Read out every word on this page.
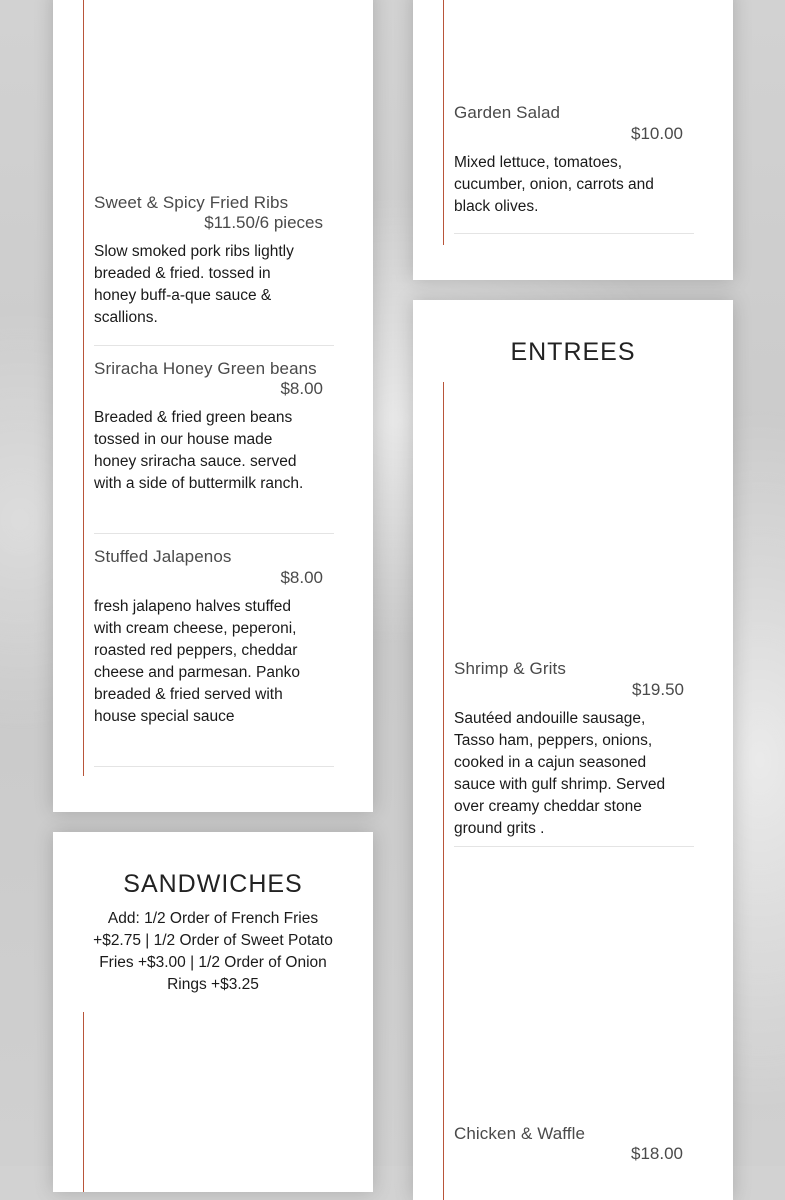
Sweet & Spicy Fried Ribs
$11.50/6 pieces
Slow smoked pork ribs lightly breaded & fried. tossed in honey buff-a-que sauce & scallions.
Sriracha Honey Green beans
$8.00
Breaded & fried green beans tossed in our house made honey sriracha sauce. served with a side of buttermilk ranch.
Stuffed Jalapenos
$8.00
fresh jalapeno halves stuffed with cream cheese, peperoni, roasted red peppers, cheddar cheese and parmesan. Panko breaded & fried served with house special sauce
SANDWICHES
Add: 1/2 Order of French Fries +$2.75 | 1/2 Order of Sweet Potato Fries +$3.00 | 1/2 Order of Onion Rings +$3.25
Garden Salad
$10.00
Mixed lettuce, tomatoes, cucumber, onion, carrots and black olives.
ENTREES
Shrimp & Grits
$19.50
Sautéed andouille sausage, Tasso ham, peppers, onions, cooked in a cajun seasoned sauce with gulf shrimp. Served over creamy cheddar stone ground grits .
Chicken & Waffle
$18.00
